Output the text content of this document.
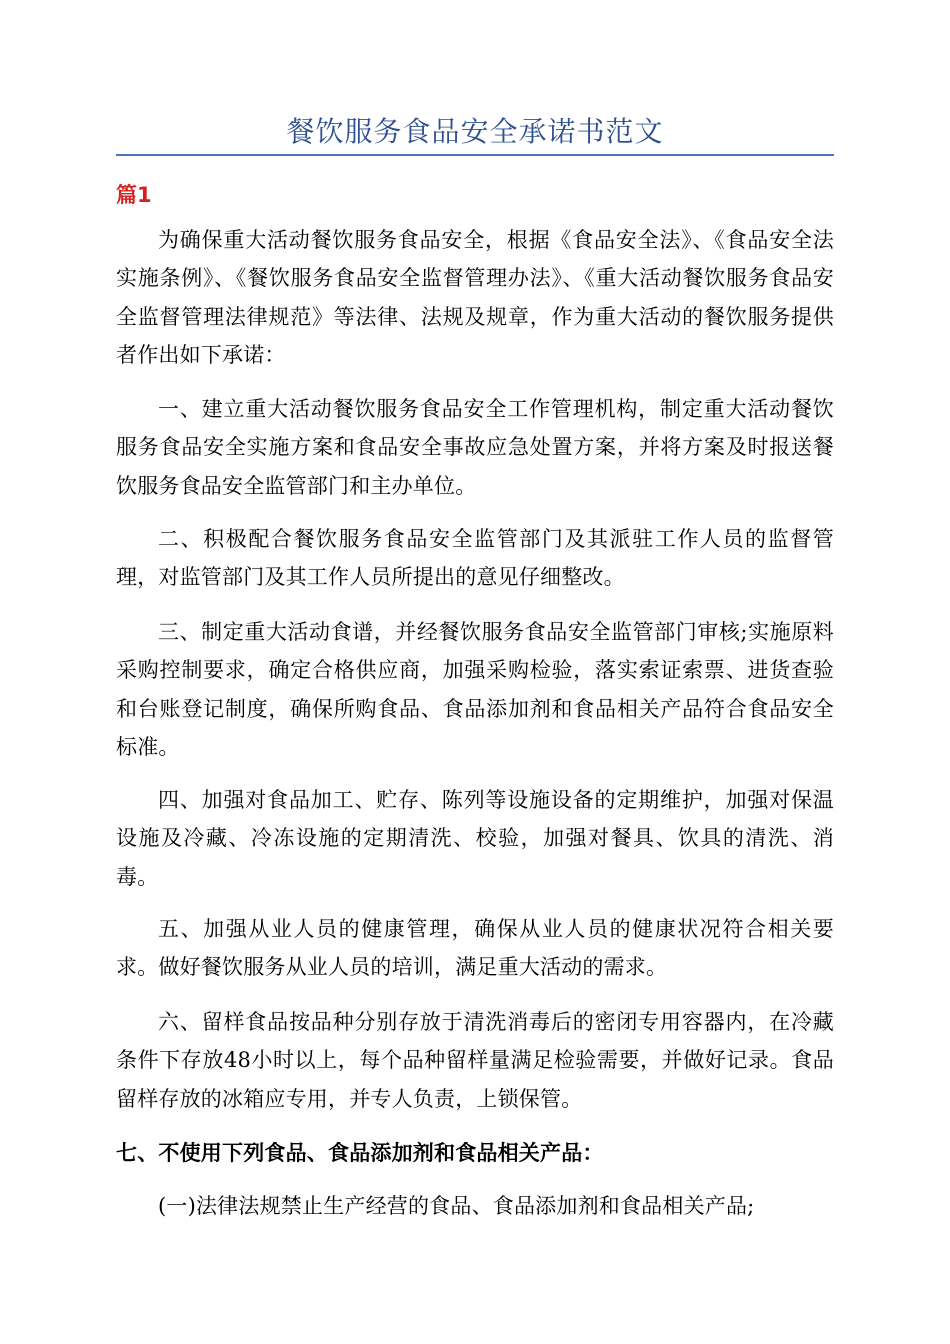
餐饮服务食品安全承诺书范文
篇1
为确保重大活动餐饮服务食品安全，根据《食品安全法》、《食品安全法实施条例》、《餐饮服务食品安全监督管理办法》、《重大活动餐饮服务食品安全监督管理法律规范》等法律、法规及规章，作为重大活动的餐饮服务提供者作出如下承诺：
一、建立重大活动餐饮服务食品安全工作管理机构，制定重大活动餐饮服务食品安全实施方案和食品安全事故应急处置方案，并将方案及时报送餐饮服务食品安全监管部门和主办单位。
二、积极配合餐饮服务食品安全监管部门及其派驻工作人员的监督管理，对监管部门及其工作人员所提出的意见仔细整改。
三、制定重大活动食谱，并经餐饮服务食品安全监管部门审核;实施原料采购控制要求，确定合格供应商，加强采购检验，落实索证索票、进货查验和台账登记制度，确保所购食品、食品添加剂和食品相关产品符合食品安全标准。
四、加强对食品加工、贮存、陈列等设施设备的定期维护，加强对保温设施及冷藏、冷冻设施的定期清洗、校验，加强对餐具、饮具的清洗、消毒。
五、加强从业人员的健康管理，确保从业人员的健康状况符合相关要求。做好餐饮服务从业人员的培训，满足重大活动的需求。
六、留样食品按品种分别存放于清洗消毒后的密闭专用容器内，在冷藏条件下存放48小时以上，每个品种留样量满足检验需要，并做好记录。食品留样存放的冰箱应专用，并专人负责，上锁保管。
七、不使用下列食品、食品添加剂和食品相关产品：
(一)法律法规禁止生产经营的食品、食品添加剂和食品相关产品;
